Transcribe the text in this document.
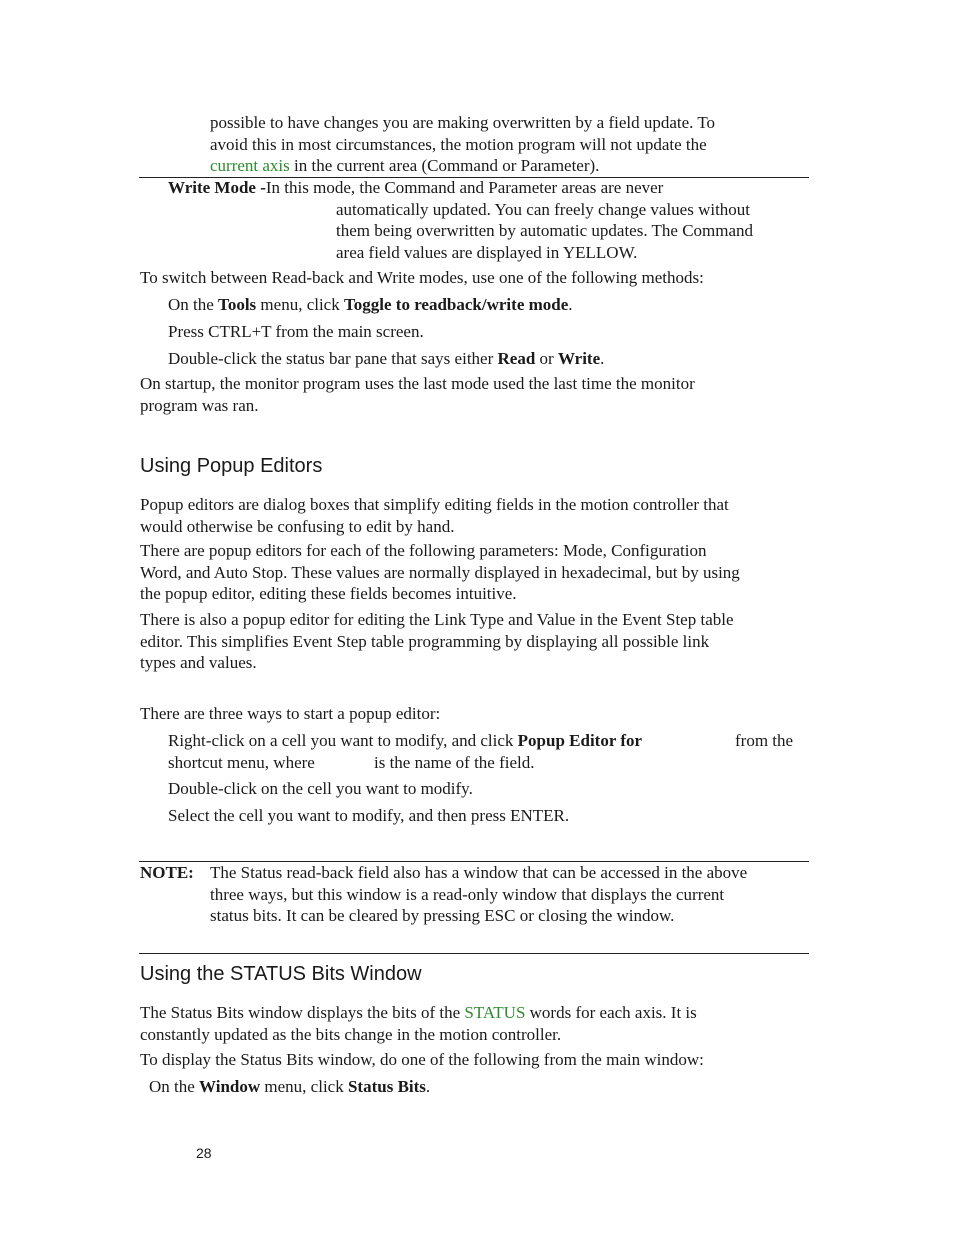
possible to have changes you are making overwritten by a field update. To
avoid this in most circumstances, the motion program will not update the
current axis in the current area (Command or Parameter).
Write Mode -In this mode, the Command and Parameter areas are never
automatically updated. You can freely change values without
them being overwritten by automatic updates. The Command
area field values are displayed in YELLOW.
To switch between Read-back and Write modes, use one of the following methods:
On the Tools menu, click Toggle to readback/write mode.
Press CTRL+T from the main screen.
Double-click the status bar pane that says either Read or Write.
On startup, the monitor program uses the last mode used the last time the monitor
program was ran.
Using Popup Editors
Popup editors are dialog boxes that simplify editing fields in the motion controller that
would otherwise be confusing to edit by hand.
There are popup editors for each of the following parameters: Mode, Configuration
Word, and Auto Stop. These values are normally displayed in hexadecimal, but by using
the popup editor, editing these fields becomes intuitive.
There is also a popup editor for editing the Link Type and Value in the Event Step table
editor. This simplifies Event Step table programming by displaying all possible link
types and values.
There are three ways to start a popup editor:
Right-click on a cell you want to modify, and click Popup Editor for
shortcut menu, where
from the
is the name of the field.
Double-click on the cell you want to modify.
Select the cell you want to modify, and then press ENTER.
NOTE: The Status read-back field also has a window that can be accessed in the above
three ways, but this window is a read-only window that displays the current
status bits. It can be cleared by pressing ESC or closing the window.
Using the STATUS Bits Window
The Status Bits window displays the bits of the STATUS words for each axis. It is
constantly updated as the bits change in the motion controller.
To display the Status Bits window, do one of the following from the main window:
On the Window menu, click Status Bits.
28
